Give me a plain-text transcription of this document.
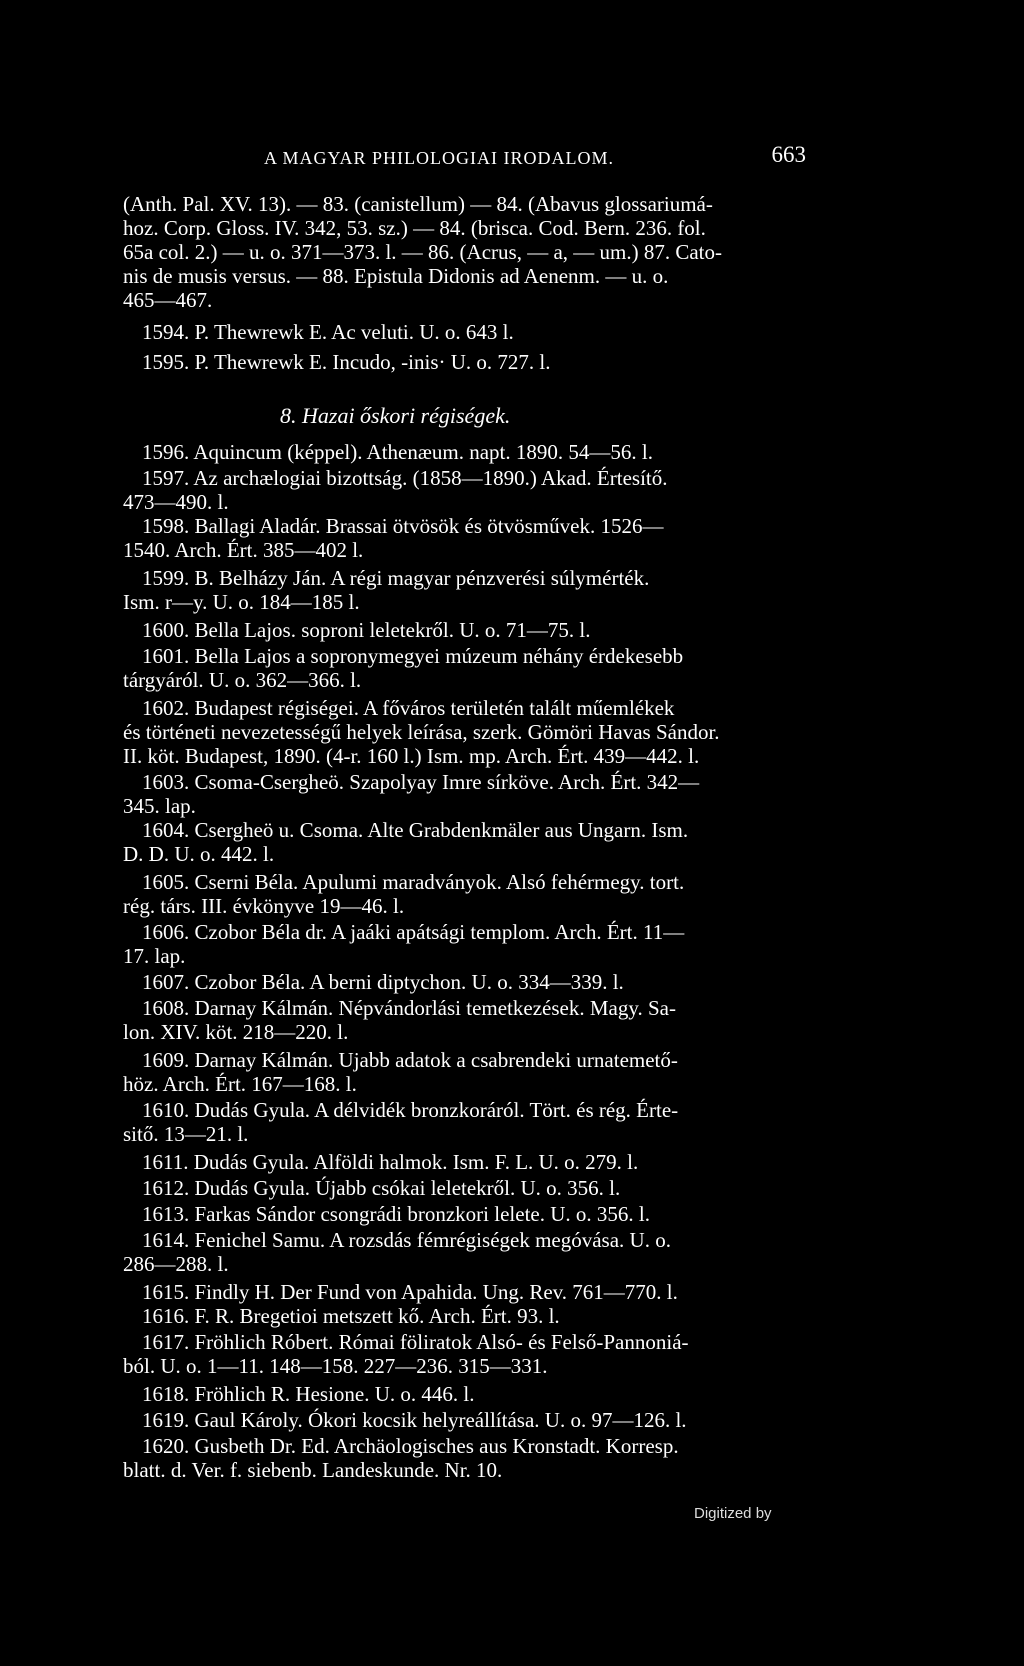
A MAGYAR PHILOLOGIAI IRODALOM.	663
(Anth. Pal. XV. 13). — 83. (canistellum) — 84. (Abavus glossariumá-
hoz. Corp. Gloss. IV. 342, 53. sz.) — 84. (brisca. Cod. Bern. 236. fol.
65a col. 2.) — u. o. 371—373. l. — 86. (Acrus, — a, — um.) 87. Cato-
nis de musis versus. — 88. Epistula Didonis ad Aenenm. — u. o.
465—467.
1594. P. Thewrewk E. Ac veluti. U. o. 643 l.
1595. P. Thewrewk E. Incudo, -inis· U. o. 727. l.
8. Hazai őskori régiségek.
1596. Aquincum (képpel). Athenæum. napt. 1890. 54—56. l.
1597. Az archælogiai bizottság. (1858—1890.) Akad. Értesítő.
473—490. l.
1598. Ballagi Aladár. Brassai ötvösök és ötvösművek. 1526—
1540. Arch. Ért. 385—402 l.
1599. B. Belházy Ján. A régi magyar pénzverési súlymérték.
Ism. r—y. U. o. 184—185 l.
1600. Bella Lajos. soproni leletekről. U. o. 71—75. l.
1601. Bella Lajos a sopronymegyei múzeum néhány érdekesebb
tárgyáról. U. o. 362—366. l.
1602. Budapest régiségei. A főváros területén talált műemlékek
és történeti nevezetességű helyek leírása, szerk. Gömöri Havas Sándor.
II. köt. Budapest, 1890. (4-r. 160 l.) Ism. mp. Arch. Ért. 439—442. l.
1603. Csoma-Csergheö. Szapolyay Imre sírköve. Arch. Ért. 342—
345. lap.
1604. Csergheö u. Csoma. Alte Grabdenkmäler aus Ungarn. Ism.
D. D. U. o. 442. l.
1605. Cserni Béla. Apulumi maradványok. Alsó fehérmegy. tort.
rég. társ. III. évkönyve 19—46. l.
1606. Czobor Béla dr. A jaáki apátsági templom. Arch. Ért. 11—
17. lap.
1607. Czobor Béla. A berni diptychon. U. o. 334—339. l.
1608. Darnay Kálmán. Népvándorlási temetkezések. Magy. Sa-
lon. XIV. köt. 218—220. l.
1609. Darnay Kálmán. Ujabb adatok a csabrendeki urnatemető-
höz. Arch. Ért. 167—168. l.
1610. Dudás Gyula. A délvidék bronzkoráról. Tört. és rég. Érte-
sitő. 13—21. l.
1611. Dudás Gyula. Alföldi halmok. Ism. F. L. U. o. 279. l.
1612. Dudás Gyula. Újabb csókai leletekről. U. o. 356. l.
1613. Farkas Sándor csongrádi bronzkori lelete. U. o. 356. l.
1614. Fenichel Samu. A rozsdás fémrégiségek megóvása. U. o.
286—288. l.
1615. Findly H. Der Fund von Apahida. Ung. Rev. 761—770. l.
1616. F. R. Bregetioi metszett kő. Arch. Ért. 93. l.
1617. Fröhlich Róbert. Római föliratok Alsó- és Felső-Pannoniá-
ból. U. o. 1—11. 148—158. 227—236. 315—331.
1618. Fröhlich R. Hesione. U. o. 446. l.
1619. Gaul Károly. Ókori kocsik helyreállítása. U. o. 97—126. l.
1620. Gusbeth Dr. Ed. Archäologisches aus Kronstadt. Korresp.
blatt. d. Ver. f. siebenb. Landeskunde. Nr. 10.
Digitized by
